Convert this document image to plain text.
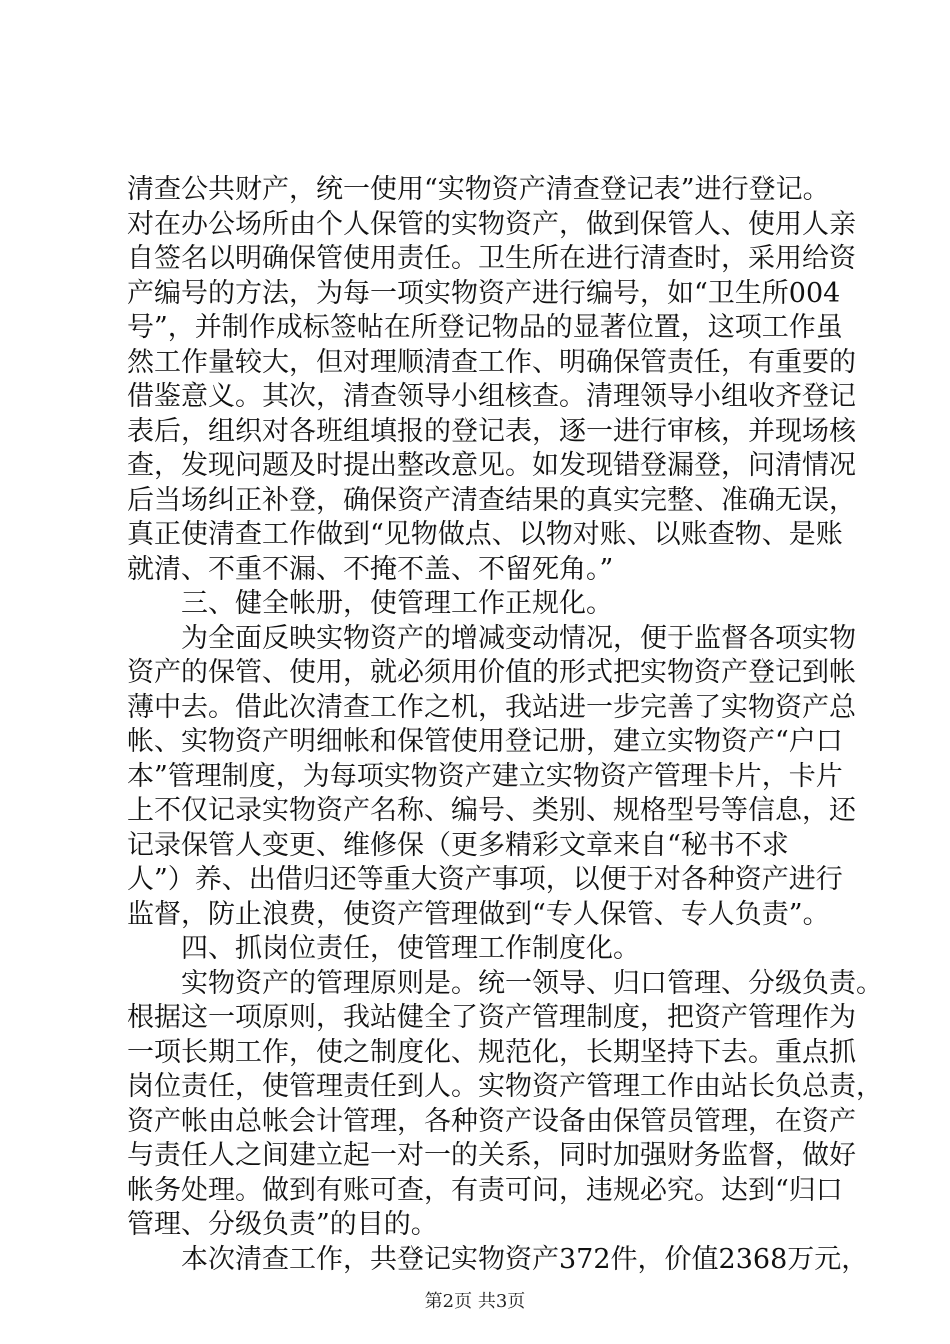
清查公共财产，统一使用“实物资产清查登记表”进行登记。
对在办公场所由个人保管的实物资产，做到保管人、使用人亲
自签名以明确保管使用责任。卫生所在进行清查时，采用给资
产编号的方法，为每一项实物资产进行编号，如“卫生所004
号”，并制作成标签帖在所登记物品的显著位置，这项工作虽
然工作量较大，但对理顺清查工作、明确保管责任，有重要的
借鉴意义。其次，清查领导小组核查。清理领导小组收齐登记
表后，组织对各班组填报的登记表，逐一进行审核，并现场核
查，发现问题及时提出整改意见。如发现错登漏登，问清情况
后当场纠正补登，确保资产清查结果的真实完整、准确无误，
真正使清查工作做到“见物做点、以物对账、以账查物、是账
就清、不重不漏、不掩不盖、不留死角。”
三、健全帐册，使管理工作正规化。
为全面反映实物资产的增减变动情况，便于监督各项实物
资产的保管、使用，就必须用价值的形式把实物资产登记到帐
薄中去。借此次清查工作之机，我站进一步完善了实物资产总
帐、实物资产明细帐和保管使用登记册，建立实物资产“户口
本”管理制度，为每项实物资产建立实物资产管理卡片，卡片
上不仅记录实物资产名称、编号、类别、规格型号等信息，还
记录保管人变更、维修保（更多精彩文章来自“秘书不求
人”）养、出借归还等重大资产事项，以便于对各种资产进行
监督，防止浪费，使资产管理做到“专人保管、专人负责”。
四、抓岗位责任，使管理工作制度化。
实物资产的管理原则是。统一领导、归口管理、分级负责。
根据这一项原则，我站健全了资产管理制度，把资产管理作为
一项长期工作，使之制度化、规范化，长期坚持下去。重点抓
岗位责任，使管理责任到人。实物资产管理工作由站长负总责，
资产帐由总帐会计管理，各种资产设备由保管员管理，在资产
与责任人之间建立起一对一的关系，同时加强财务监督，做好
帐务处理。做到有账可查，有责可问，违规必究。达到“归口
管理、分级负责”的目的。
本次清查工作，共登记实物资产372件，价值2368万元，
第2页 共3页
